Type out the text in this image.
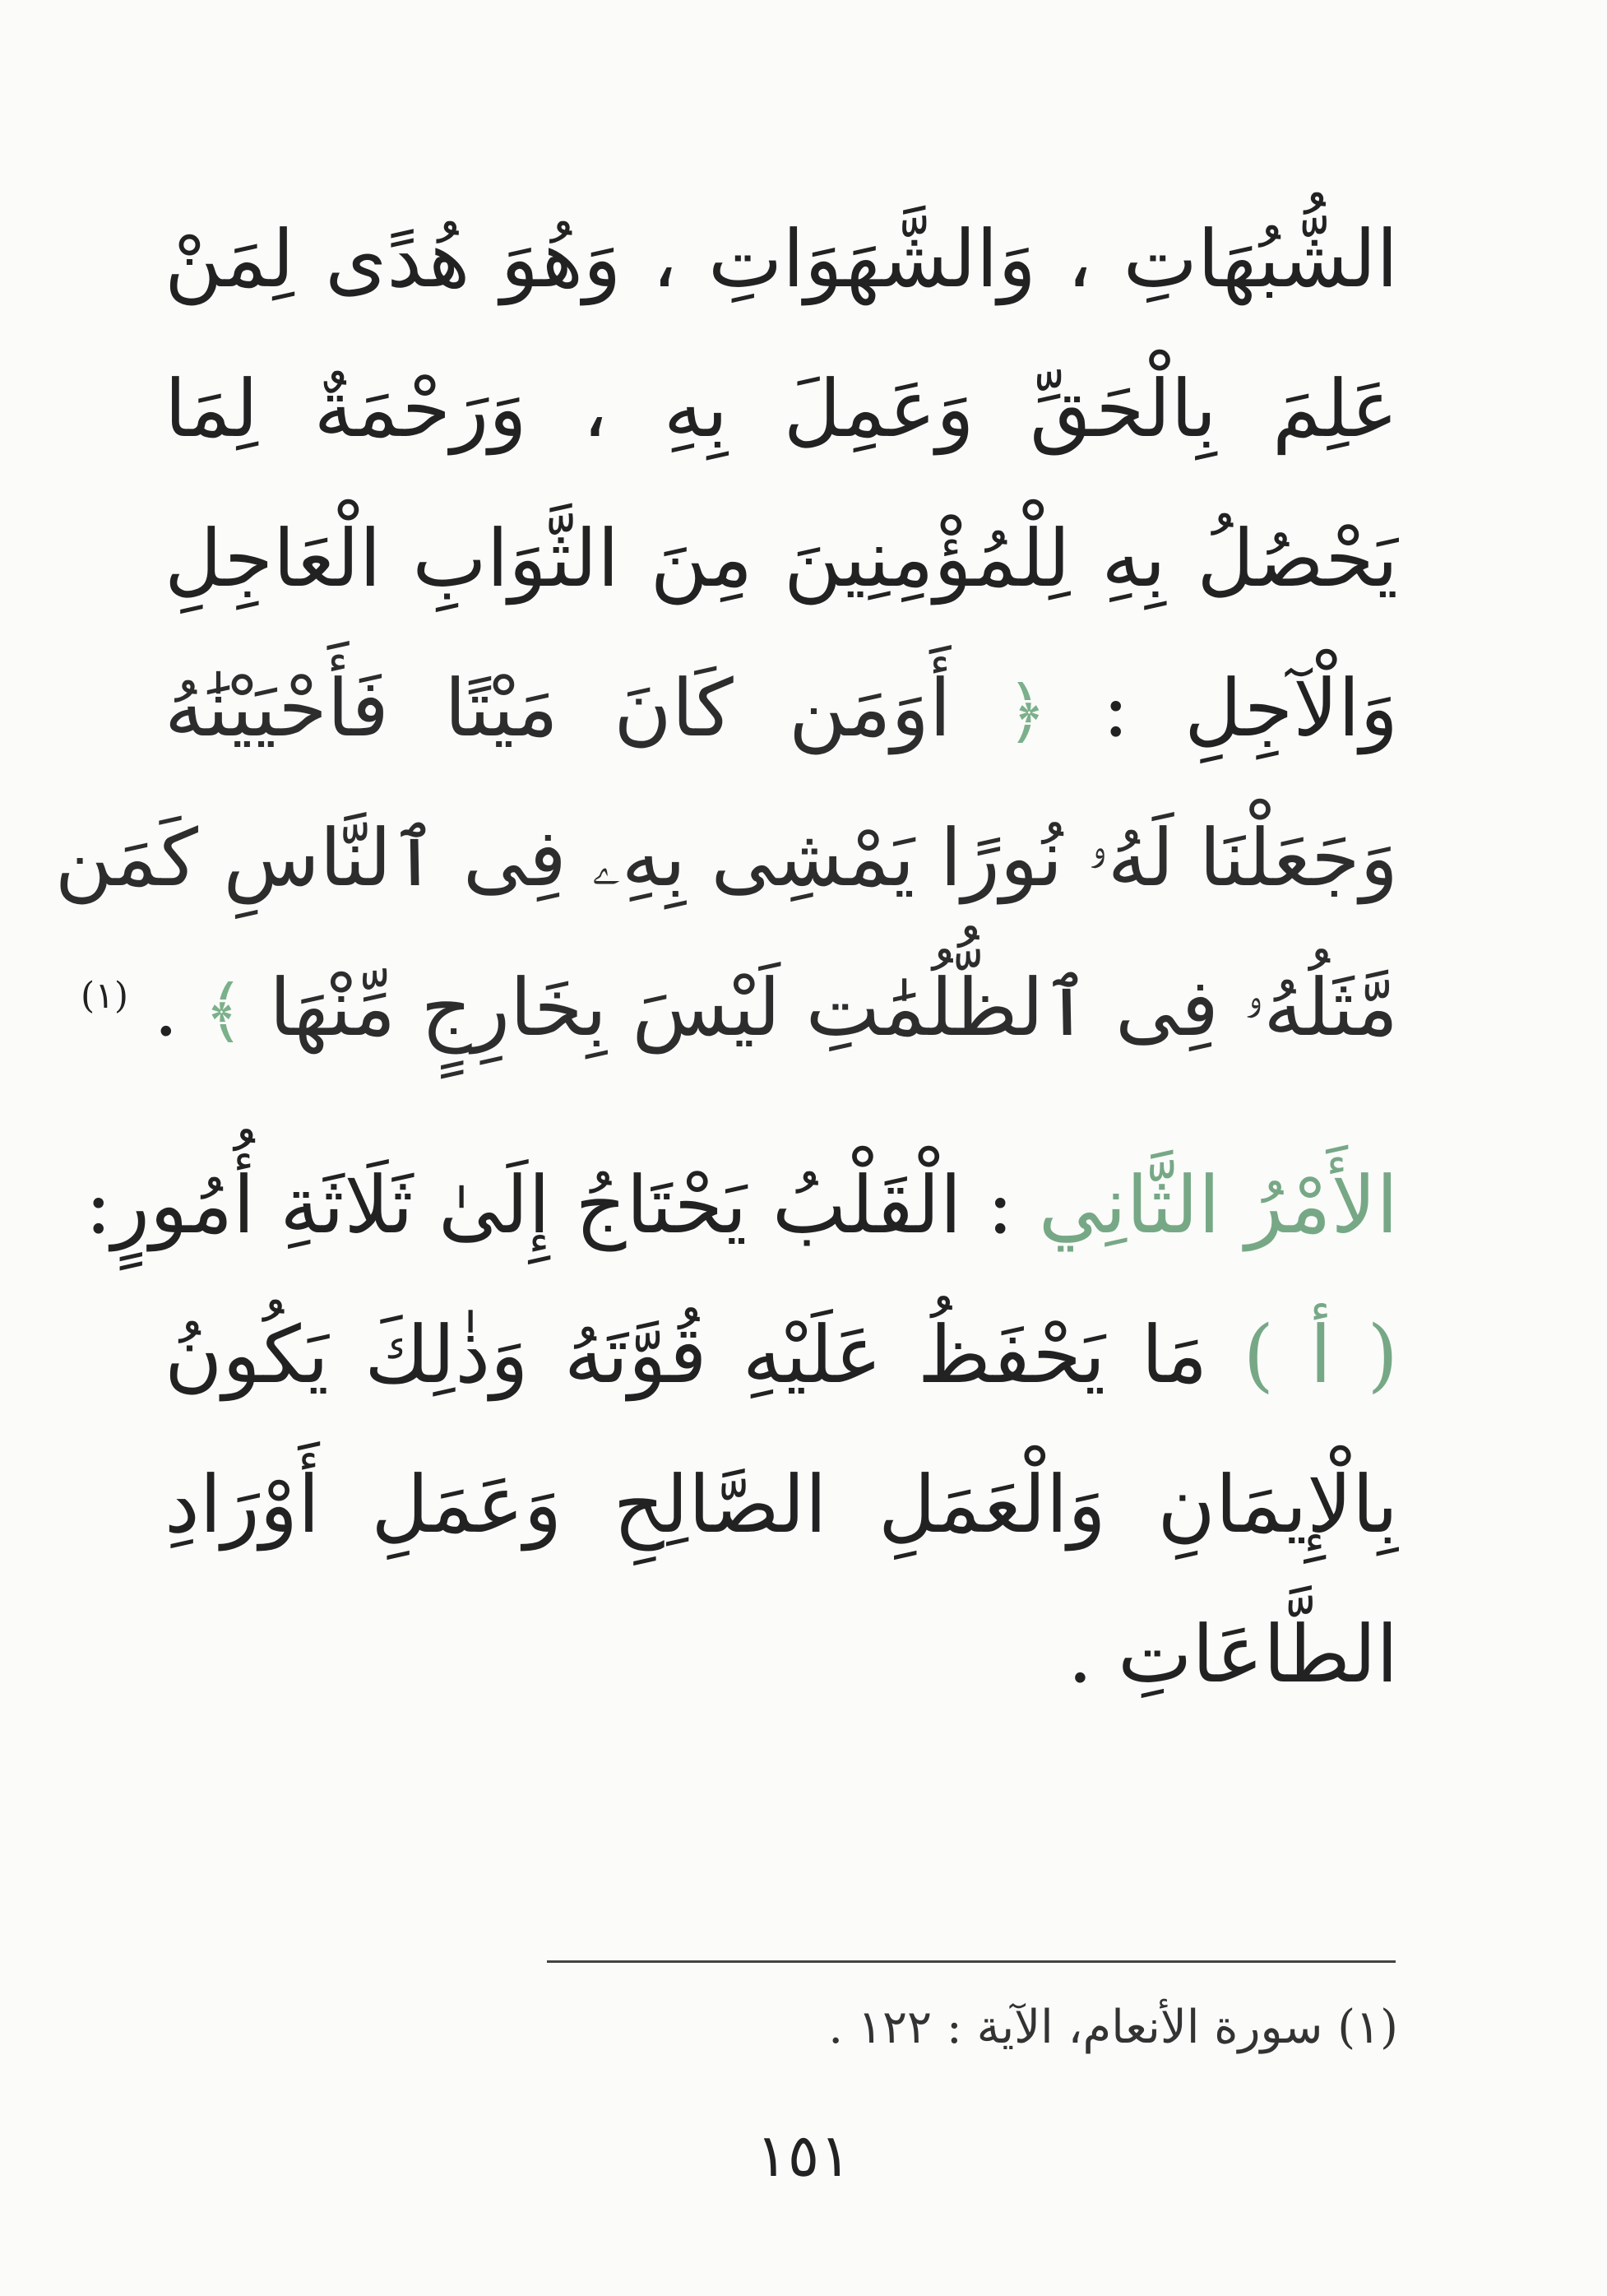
الشُّبُهَاتِ ، وَالشَّهَوَاتِ ، وَهُوَ هُدًى لِمَنْ
عَلِمَ بِالْحَقِّ وَعَمِلَ بِهِ ، وَرَحْمَةٌ لِمَا
يَحْصُلُ بِهِ لِلْمُؤْمِنِينَ مِنَ الثَّوَابِ الْعَاجِلِ
وَالْآجِلِ : ﴿ أَوَمَن كَانَ مَيْتًا فَأَحْيَيْنَٰهُ
وَجَعَلْنَا لَهُۥ نُورًا يَمْشِى بِهِۦ فِى ٱلنَّاسِ كَمَن
مَّثَلُهُۥ فِى ٱلظُّلُمَٰتِ لَيْسَ بِخَارِجٍ مِّنْهَا ﴾ . $^{(١)}$
الأَمْرُ الثَّانِي : الْقَلْبُ يَحْتَاجُ إِلَىٰ ثَلَاثَةِ أُمُورٍ:
( أ ) مَا يَحْفَظُ عَلَيْهِ قُوَّتَهُ وَذٰلِكَ يَكُونُ
بِالْإِيمَانِ وَالْعَمَلِ الصَّالِحِ وَعَمَلِ أَوْرَادِ
الطَّاعَاتِ .
(١) سورة الأنعام، الآية : ١٢٢ .
١٥١
